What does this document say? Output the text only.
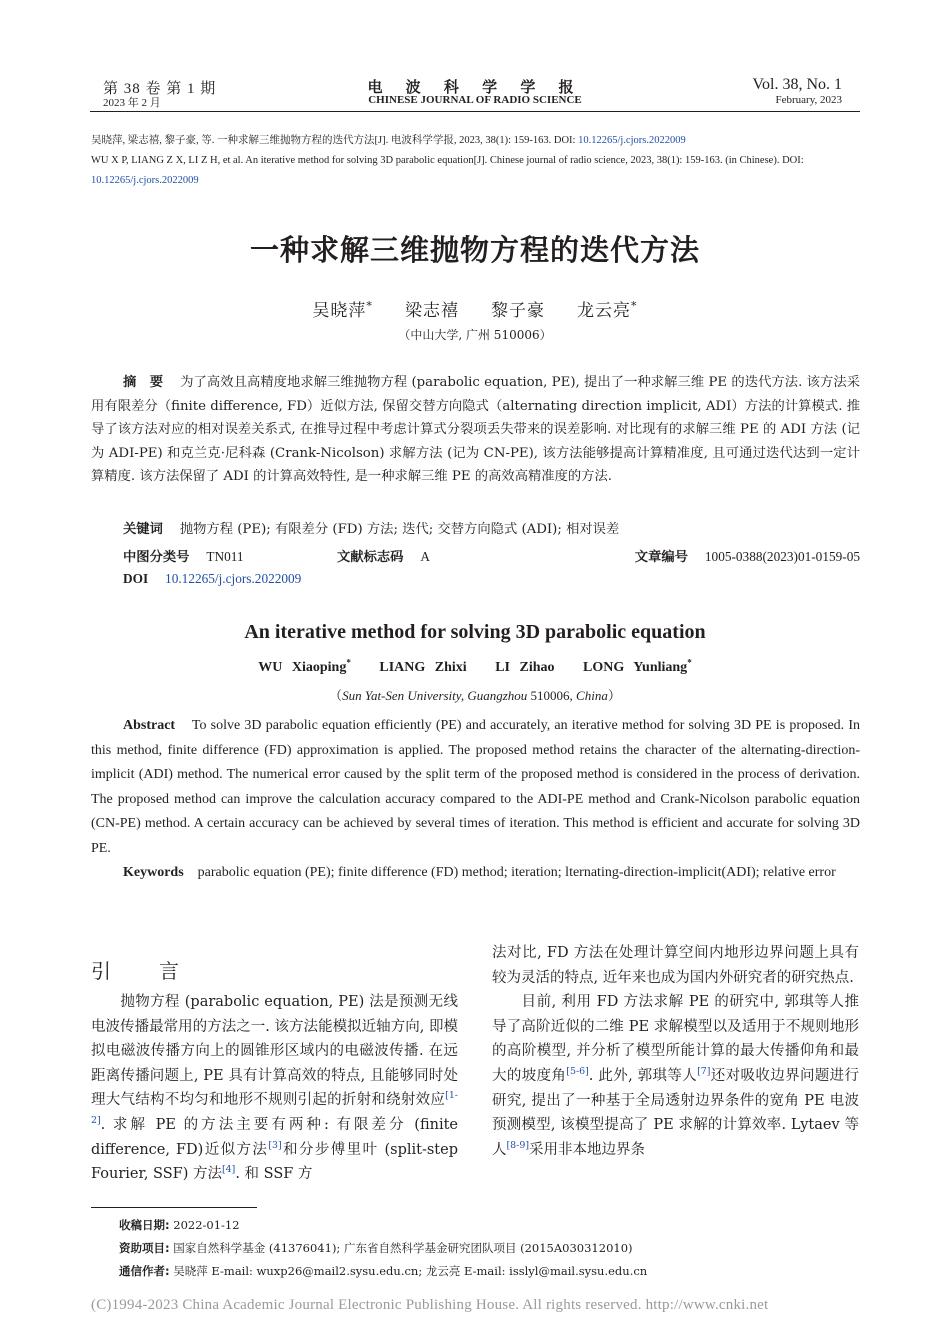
第 38 卷 第 1 期
2023 年 2 月
电 波 科 学 学 报
CHINESE JOURNAL OF RADIO SCIENCE
Vol. 38, No. 1
February, 2023
吴晓萍, 梁志禧, 黎子豪, 等. 一种求解三维抛物方程的迭代方法[J]. 电波科学学报, 2023, 38(1): 159-163. DOI: 10.12265/j.cjors.2022009
WU X P, LIANG Z X, LI Z H, et al. An iterative method for solving 3D parabolic equation[J]. Chinese journal of radio science, 2023, 38(1): 159-163. (in Chinese). DOI: 10.12265/j.cjors.2022009
一种求解三维抛物方程的迭代方法
吴晓萍* 梁志禧 黎子豪 龙云亮*
（中山大学, 广州 510006）
摘　要 为了高效且高精度地求解三维抛物方程 (parabolic equation, PE), 提出了一种求解三维 PE 的迭代方法. 该方法采用有限差分（finite difference, FD）近似方法, 保留交替方向隐式（alternating direction implicit, ADI）方法的计算模式. 推导了该方法对应的相对误差关系式, 在推导过程中考虑计算式分裂项丢失带来的误差影响. 对比现有的求解三维 PE 的 ADI 方法 (记为 ADI-PE) 和克兰克·尼科森 (Crank-Nicolson) 求解方法 (记为 CN-PE), 该方法能够提高计算精准度, 且可通过迭代达到一定计算精度. 该方法保留了 ADI 的计算高效特性, 是一种求解三维 PE 的高效高精准度的方法.
关键词 抛物方程 (PE); 有限差分 (FD) 方法; 迭代; 交替方向隐式 (ADI); 相对误差
中图分类号 TN011	文献标志码 A	文章编号 1005-0388(2023)01-0159-05
DOI 10.12265/j.cjors.2022009
An iterative method for solving 3D parabolic equation
WU Xiaoping* LIANG Zhixi LI Zihao LONG Yunliang*
（Sun Yat-Sen University, Guangzhou 510006, China）
Abstract To solve 3D parabolic equation efficiently (PE) and accurately, an iterative method for solving 3D PE is proposed. In this method, finite difference (FD) approximation is applied. The proposed method retains the character of the alternating-direction-implicit (ADI) method. The numerical error caused by the split term of the proposed method is considered in the process of derivation. The proposed method can improve the calculation accuracy compared to the ADI-PE method and Crank-Nicolson parabolic equation (CN-PE) method. A certain accuracy can be achieved by several times of iteration. This method is efficient and accurate for solving 3D PE.
Keywords parabolic equation (PE); finite difference (FD) method; iteration; lternating-direction-implicit(ADI); relative error
引　言
抛物方程 (parabolic equation, PE) 法是预测无线电波传播最常用的方法之一. 该方法能模拟近轴方向, 即模拟电磁波传播方向上的圆锥形区域内的电磁波传播. 在远距离传播问题上, PE 具有计算高效的特点, 且能够同时处理大气结构不均匀和地形不规则引起的折射和绕射效应[1-2]. 求解 PE 的方法主要有两种: 有限差分 (finite difference, FD)近似方法[3]和分步傅里叶 (split-step Fourier, SSF) 方法[4]. 和 SSF 方
法对比, FD 方法在处理计算空间内地形边界问题上具有较为灵活的特点, 近年来也成为国内外研究者的研究热点.
目前, 利用 FD 方法求解 PE 的研究中, 郭琪等人推导了高阶近似的二维 PE 求解模型以及适用于不规则地形的高阶模型, 并分析了模型所能计算的最大传播仰角和最大的坡度角[5-6]. 此外, 郭琪等人[7]还对吸收边界问题进行研究, 提出了一种基于全局透射边界条件的宽角 PE 电波预测模型, 该模型提高了 PE 求解的计算效率. Lytaev 等人[8-9]采用非本地边界条
收稿日期: 2022-01-12
资助项目: 国家自然科学基金 (41376041); 广东省自然科学基金研究团队项目 (2015A030312010)
通信作者: 吴晓萍 E-mail: wuxp26@mail2.sysu.edu.cn; 龙云亮 E-mail: isslyl@mail.sysu.edu.cn
(C)1994-2023 China Academic Journal Electronic Publishing House. All rights reserved. http://www.cnki.net
